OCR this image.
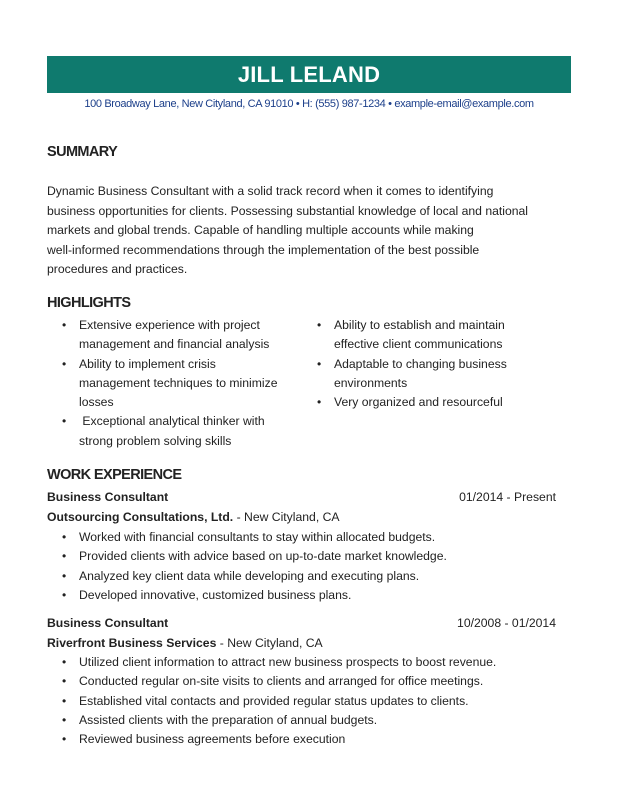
JILL LELAND
100 Broadway Lane, New Cityland, CA 91010 • H: (555) 987-1234 • example-email@example.com
SUMMARY
Dynamic Business Consultant with a solid track record when it comes to identifying
business opportunities for clients. Possessing substantial knowledge of local and national
markets and global trends. Capable of handling multiple accounts while making
well-informed recommendations through the implementation of the best possible
procedures and practices.
HIGHLIGHTS
• Extensive experience with project
management and financial analysis
• Ability to implement crisis
management techniques to minimize
losses
• Exceptional analytical thinker with
strong problem solving skills
• Ability to establish and maintain
effective client communications
• Adaptable to changing business
environments
• Very organized and resourceful
WORK EXPERIENCE
Business Consultant	01/2014 - Present
Outsourcing Consultations, Ltd. - New Cityland, CA
• Worked with financial consultants to stay within allocated budgets.
• Provided clients with advice based on up-to-date market knowledge.
• Analyzed key client data while developing and executing plans.
• Developed innovative, customized business plans.
Business Consultant	10/2008 - 01/2014
Riverfront Business Services - New Cityland, CA
• Utilized client information to attract new business prospects to boost revenue.
• Conducted regular on-site visits to clients and arranged for office meetings.
• Established vital contacts and provided regular status updates to clients.
• Assisted clients with the preparation of annual budgets.
• Reviewed business agreements before execution
